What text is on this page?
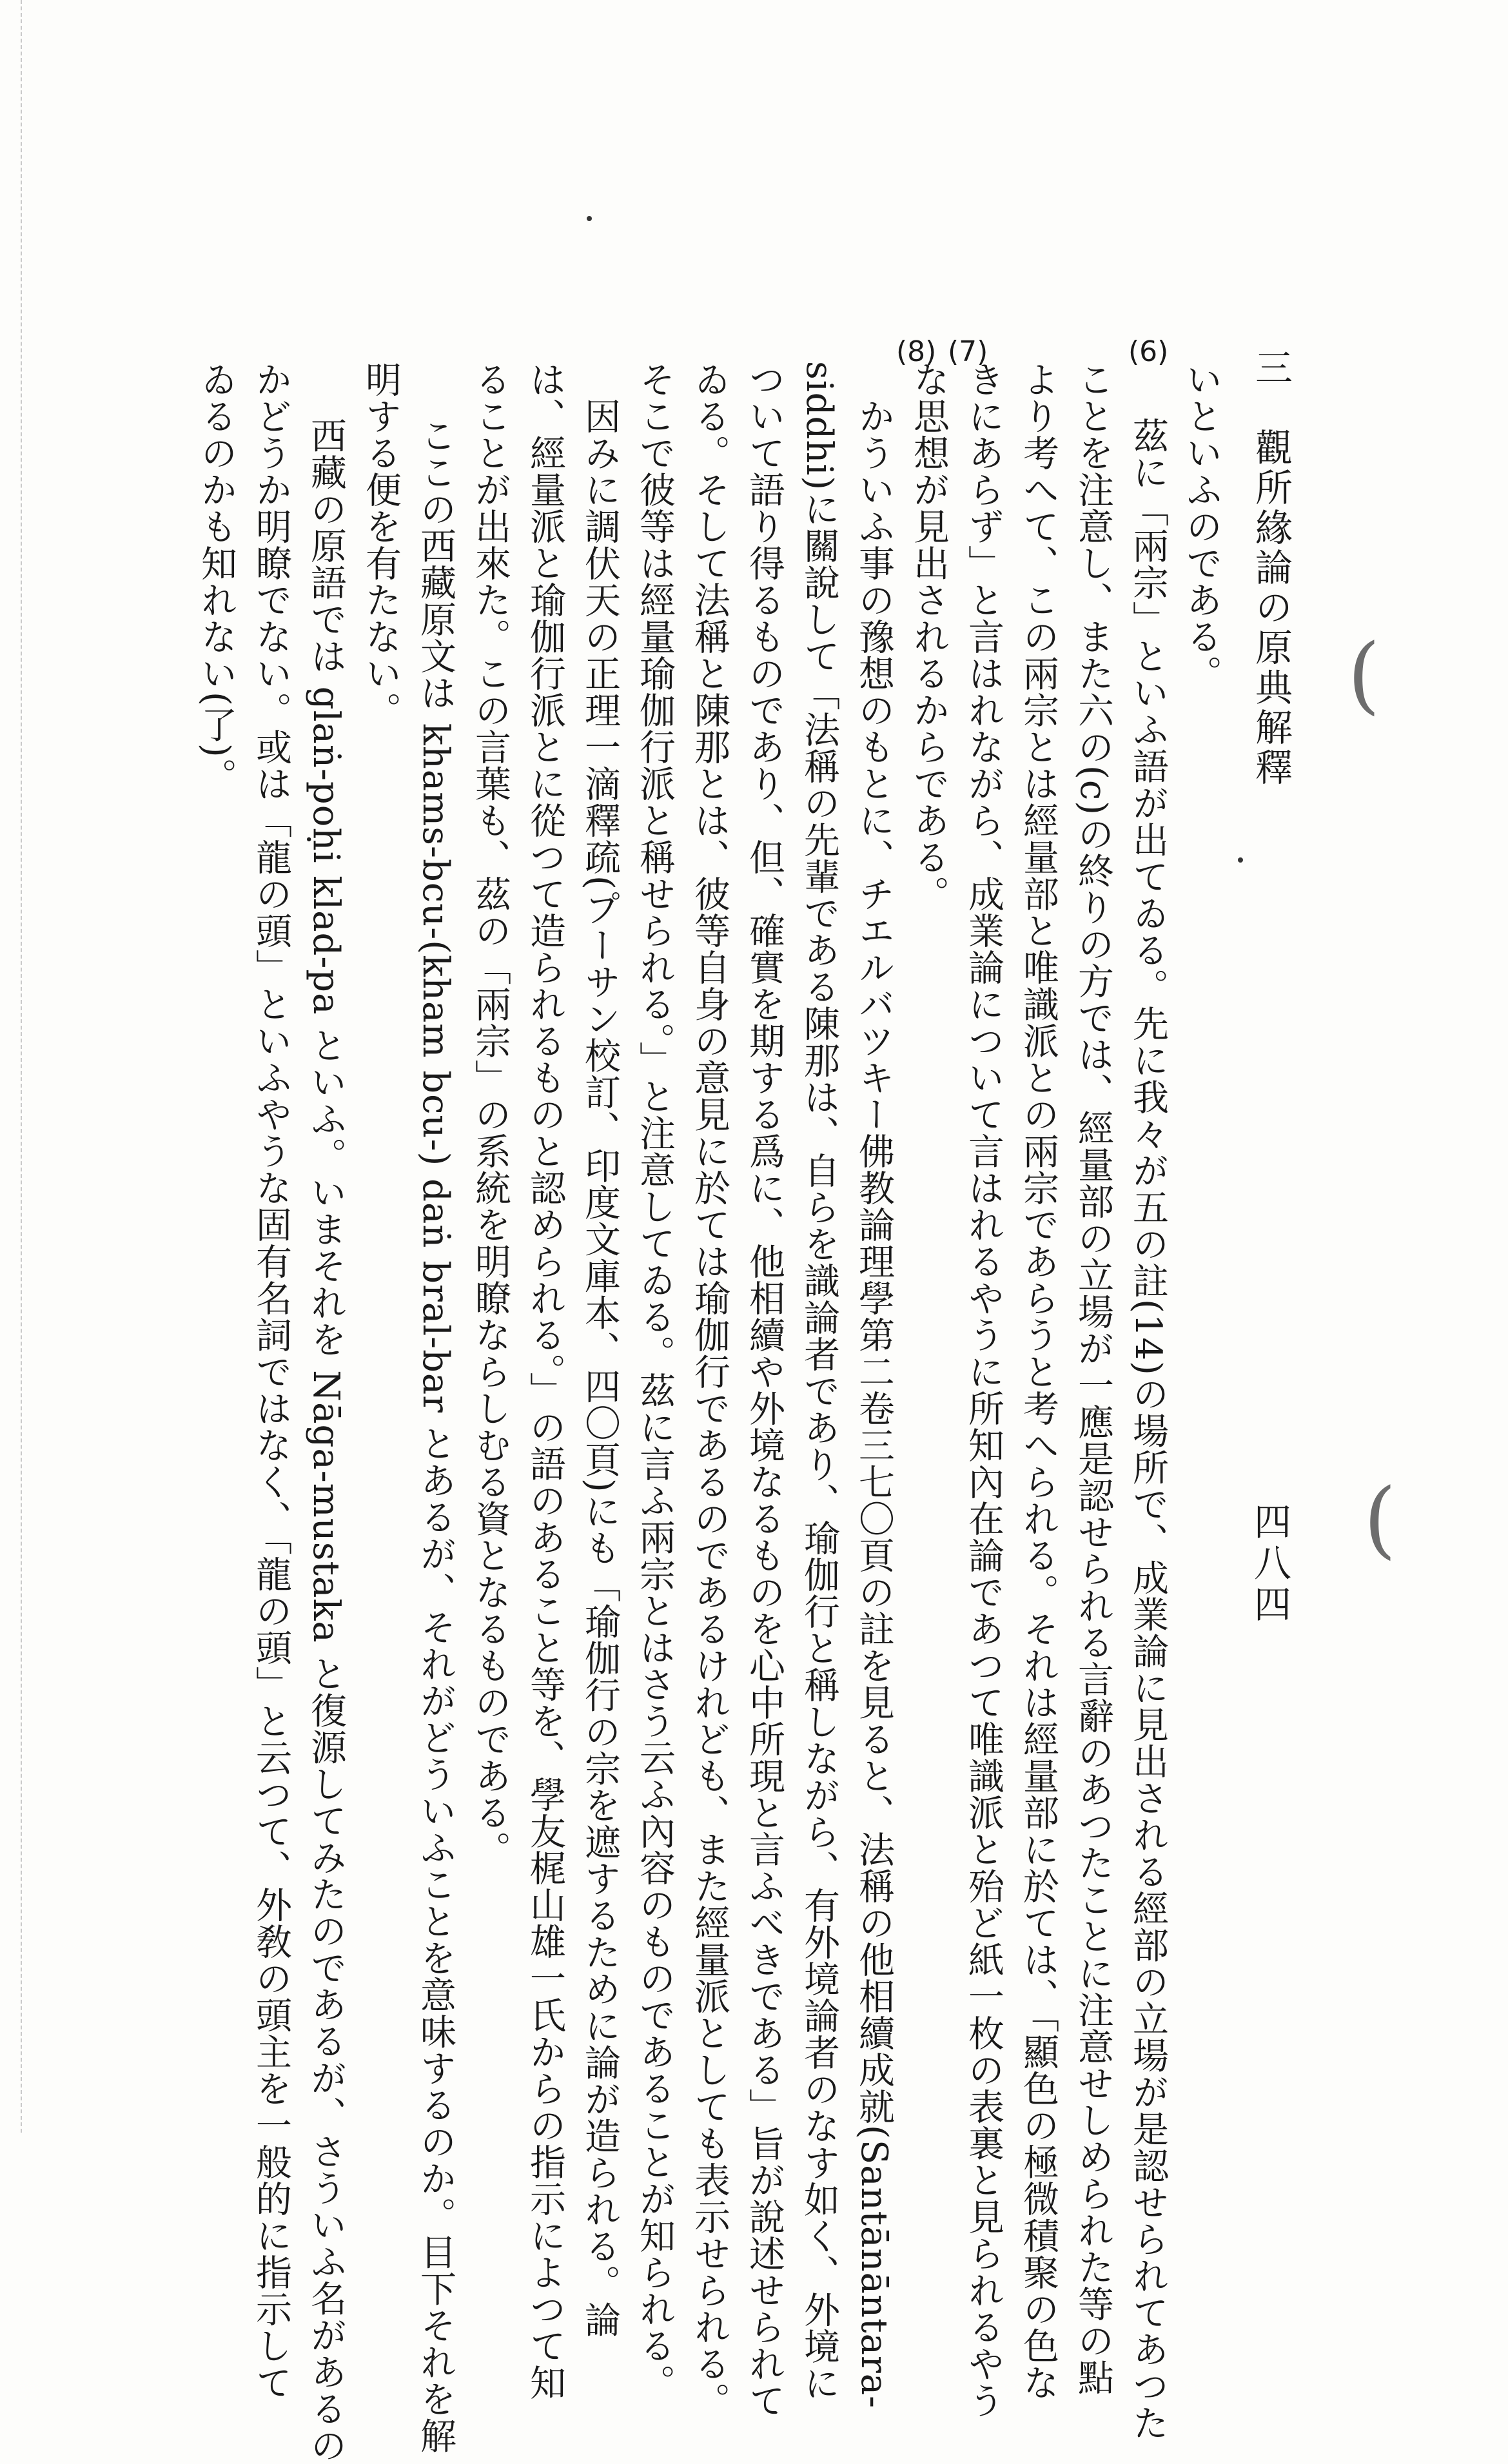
三　觀所緣論の原典解釋
四八四
(6)
(7)
(8)
いといふのである。
　茲に「兩宗」といふ語が出てゐる。先に我々が五の註(14)の場所で、成業論に見出される經部の立場が是認せられてあつた
ことを注意し、また六の(c)の終りの方では、經量部の立場が一應是認せられる言辭のあつたことに注意せしめられた等の點
より考へて、この兩宗とは經量部と唯識派との兩宗であらうと考へられる。それは經量部に於ては、「顯色の極微積聚の色な
きにあらず」と言はれながら、成業論について言はれるやうに所知內在論であつて唯識派と殆ど紙一枚の表裏と見られるやう
な思想が見出されるからである。
　かういふ事の豫想のもとに、チエルバツキー佛教論理學第二卷三七〇頁の註を見ると、法稱の他相續成就(Santānāntara-
siddhi)に關說して「法稱の先輩である陳那は、自らを識論者であり、瑜伽行と稱しながら、有外境論者のなす如く、外境に
ついて語り得るものであり、但、確實を期する爲に、他相續や外境なるものを心中所現と言ふべきである」旨が說述せられて
ゐる。そして法稱と陳那とは、彼等自身の意見に於ては瑜伽行であるのであるけれども、また經量派としても表示せられる。
そこで彼等は經量瑜伽行派と稱せられる。」と注意してゐる。茲に言ふ兩宗とはさう云ふ內容のものであることが知られる。
　因みに調伏天の正理一滴釋疏(プーサン校訂、印度文庫本、四〇頁)にも「瑜伽行の宗を遮するために論が造られる。論
は、經量派と瑜伽行派とに從つて造られるものと認められる。」の語のあること等を、學友梶山雄一氏からの指示によつて知
ることが出來た。この言葉も、茲の「兩宗」の系統を明瞭ならしむる資となるものである。
　ここの西藏原文は khams-bcu-(kham bcu-) daṅ bral-bar とあるが、それがどういふことを意味するのか。目下それを解
明する便を有たない。
　西藏の原語では glaṅ-poḥi klad-pa といふ。いまそれを Nāga-mustaka と復源してみたのであるが、さういふ名があるの
かどうか明瞭でない。或は「龍の頭」といふやうな固有名詞ではなく、「龍の頭」と云つて、外敎の頭主を一般的に指示して
ゐるのかも知れない(了)。	(
(
